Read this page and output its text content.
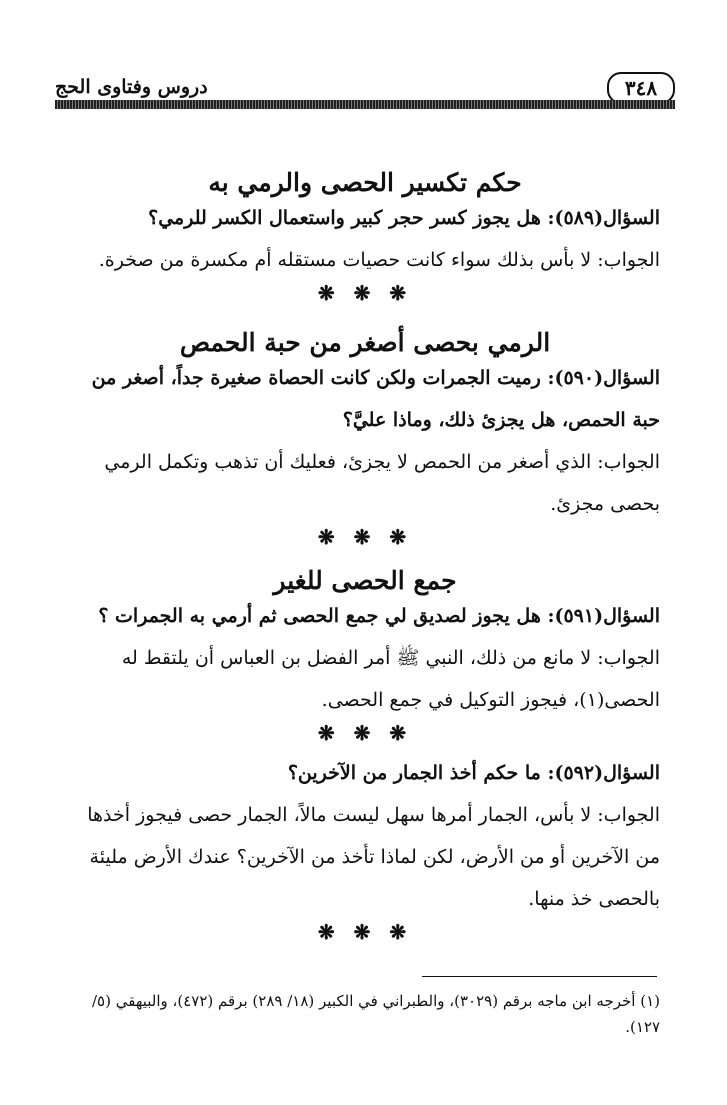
دروس وفتاوى الحج	٣٤٨
حكم تكسير الحصى والرمي به
السؤال(٥٨٩): هل يجوز كسر حجر كبير واستعمال الكسر للرمي؟
الجواب: لا بأس بذلك سواء كانت حصيات مستقله أم مكسرة من صخرة.
❋ ❋ ❋
الرمي بحصى أصغر من حبة الحمص
السؤال(٥٩٠): رميت الجمرات ولكن كانت الحصاة صغيرة جداً، أصغر من حبة الحمص، هل يجزئ ذلك، وماذا عليَّ؟
الجواب: الذي أصغر من الحمص لا يجزئ، فعليك أن تذهب وتكمل الرمي بحصى مجزئ.
❋ ❋ ❋
جمع الحصى للغير
السؤال(٥٩١): هل يجوز لصديق لي جمع الحصى ثم أرمي به الجمرات ؟
الجواب: لا مانع من ذلك، النبي ﷺ أمر الفضل بن العباس أن يلتقط له الحصى(١)، فيجوز التوكيل في جمع الحصى.
❋ ❋ ❋
السؤال(٥٩٢): ما حكم أخذ الجمار من الآخرين؟
الجواب: لا بأس، الجمار أمرها سهل ليست مالاً، الجمار حصى فيجوز أخذها من الآخرين أو من الأرض، لكن لماذا تأخذ من الآخرين؟ عندك الأرض مليئة بالحصى خذ منها.
❋ ❋ ❋
(١) أخرجه ابن ماجه برقم (٣٠٢٩)، والطبراني في الكبير (١٨/ ٢٨٩) برقم (٤٧٢)، والبيهقي (٥/ ١٢٧).
